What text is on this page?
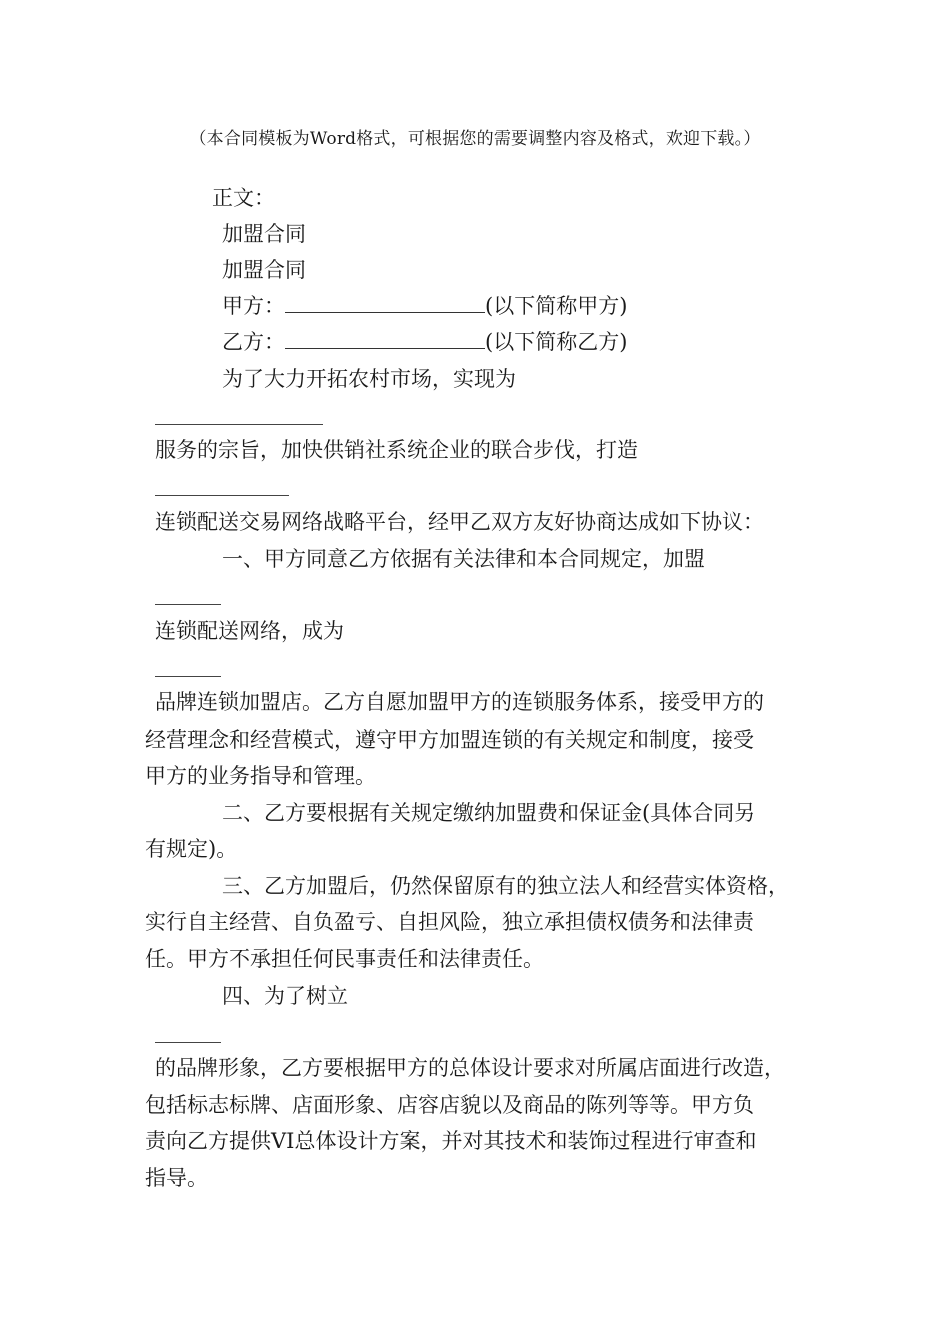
（本合同模板为Word格式，可根据您的需要调整内容及格式，欢迎下载。）
正文：
加盟合同
加盟合同
甲方：	(以下简称甲方)
乙方：	(以下简称乙方)
为了大力开拓农村市场，实现为
服务的宗旨，加快供销社系统企业的联合步伐，打造
连锁配送交易网络战略平台，经甲乙双方友好协商达成如下协议：
一、甲方同意乙方依据有关法律和本合同规定，加盟
连锁配送网络，成为
品牌连锁加盟店。乙方自愿加盟甲方的连锁服务体系，接受甲方的
经营理念和经营模式，遵守甲方加盟连锁的有关规定和制度，接受
甲方的业务指导和管理。
二、乙方要根据有关规定缴纳加盟费和保证金(具体合同另
有规定)。
三、乙方加盟后，仍然保留原有的独立法人和经营实体资格，
实行自主经营、自负盈亏、自担风险，独立承担债权债务和法律责
任。甲方不承担任何民事责任和法律责任。
四、为了树立
的品牌形象，乙方要根据甲方的总体设计要求对所属店面进行改造，
包括标志标牌、店面形象、店容店貌以及商品的陈列等等。甲方负
责向乙方提供VI总体设计方案，并对其技术和装饰过程进行审查和
指导。
